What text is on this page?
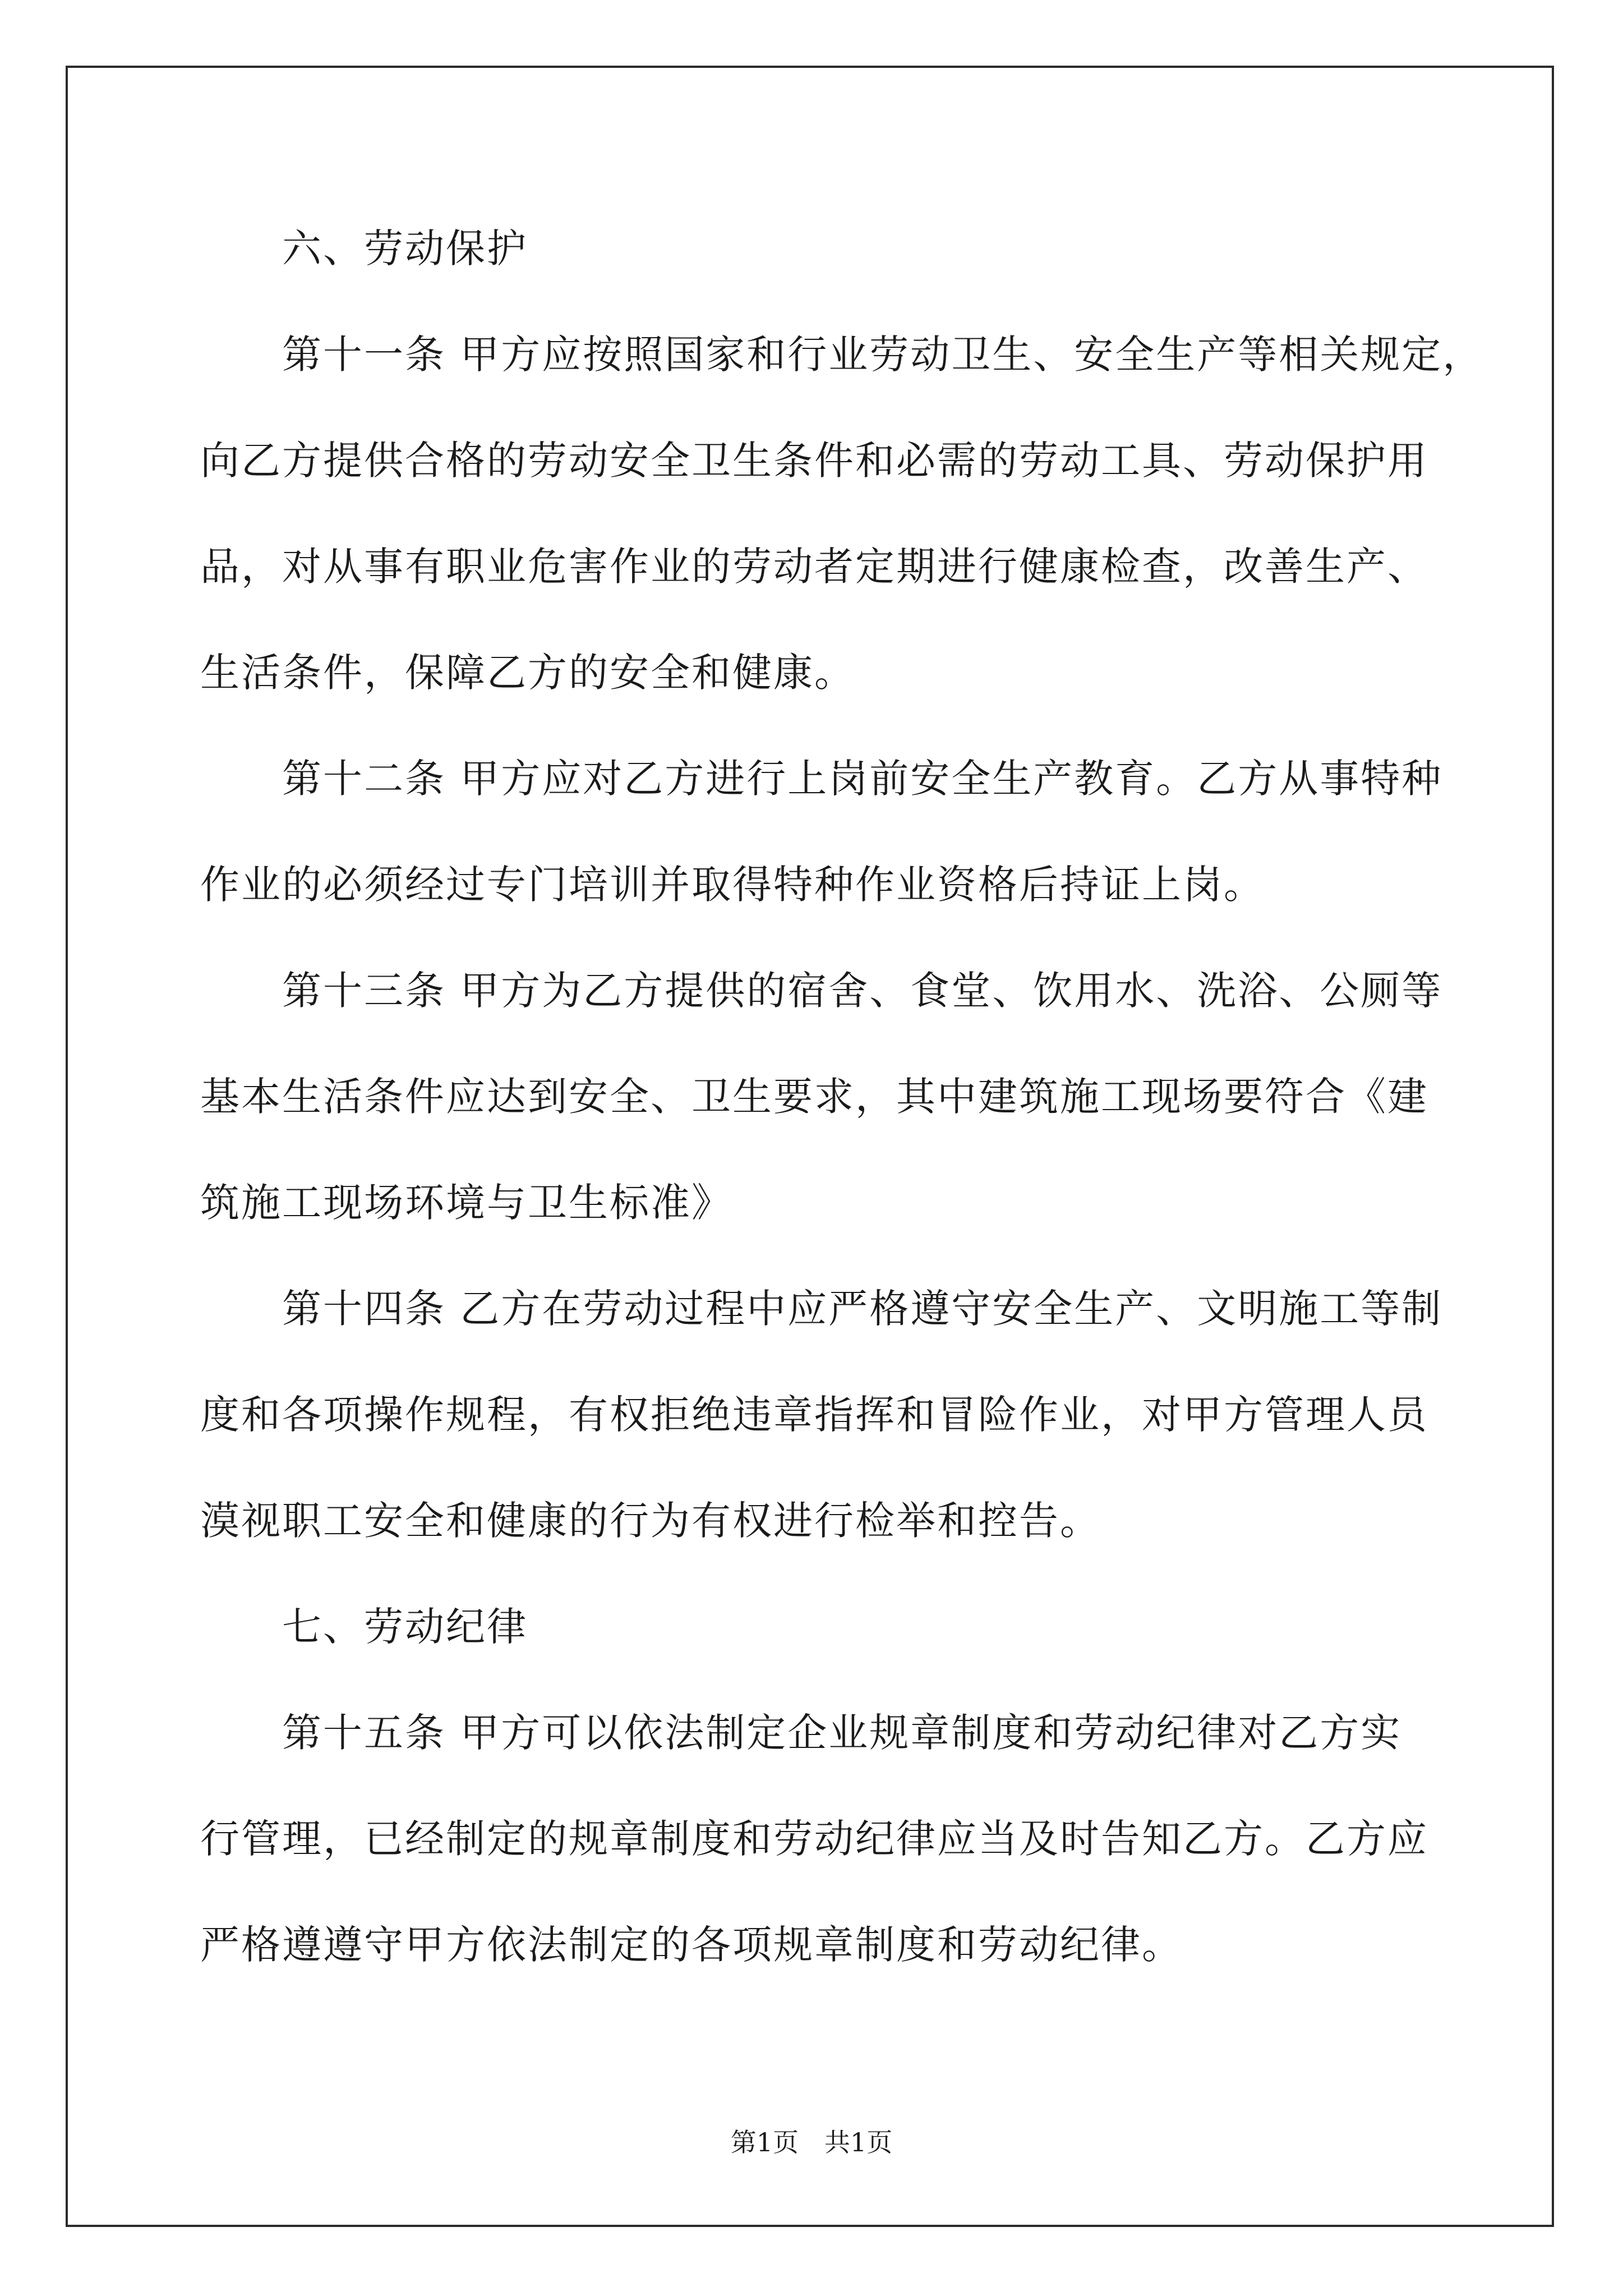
六、劳动保护
第十一条 甲方应按照国家和行业劳动卫生、安全生产等相关规定，
向乙方提供合格的劳动安全卫生条件和必需的劳动工具、劳动保护用
品，对从事有职业危害作业的劳动者定期进行健康检查，改善生产、
生活条件，保障乙方的安全和健康。
第十二条 甲方应对乙方进行上岗前安全生产教育。乙方从事特种
作业的必须经过专门培训并取得特种作业资格后持证上岗。
第十三条 甲方为乙方提供的宿舍、食堂、饮用水、洗浴、公厕等
基本生活条件应达到安全、卫生要求，其中建筑施工现场要符合《建
筑施工现场环境与卫生标准》
第十四条 乙方在劳动过程中应严格遵守安全生产、文明施工等制
度和各项操作规程，有权拒绝违章指挥和冒险作业，对甲方管理人员
漠视职工安全和健康的行为有权进行检举和控告。
七、劳动纪律
第十五条 甲方可以依法制定企业规章制度和劳动纪律对乙方实
行管理，已经制定的规章制度和劳动纪律应当及时告知乙方。乙方应
严格遵遵守甲方依法制定的各项规章制度和劳动纪律。
第1页　共1页
